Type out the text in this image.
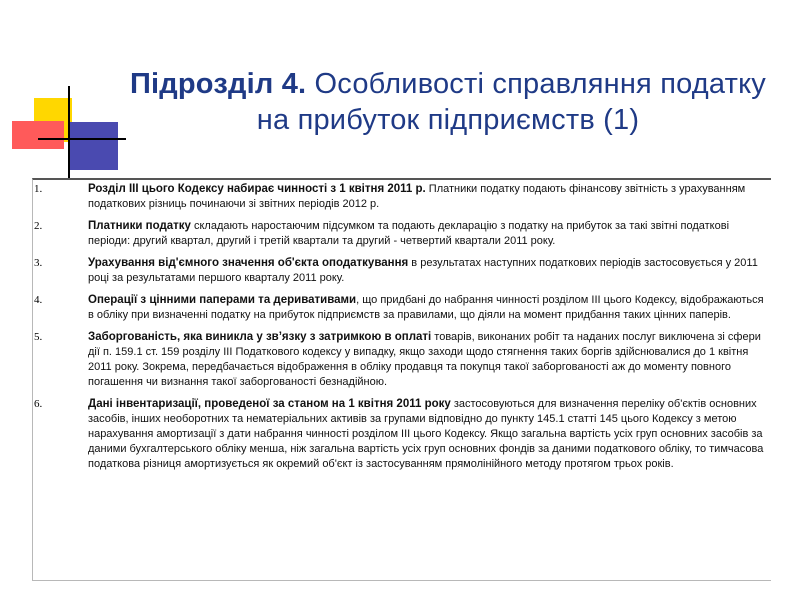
Підрозділ 4. Особливості справляння податку на прибуток підприємств (1)
1.	Розділ III цього Кодексу набирає чинності з 1 квітня 2011 р. Платники податку подають фінансову звітність з урахуванням податкових різниць починаючи зі звітних періодів 2012 р.
2.	Платники податку складають наростаючим підсумком та подають декларацію з податку на прибуток за такі звітні податкові періоди: другий квартал, другий і третій квартали та другий - четвертий квартали 2011 року.
3.	Урахування від'ємного значення об'єкта оподаткування в результатах наступних податкових періодів застосовується у 2011 році за результатами першого кварталу 2011 року.
4.	Операції з цінними паперами та деривативами, що придбані до набрання чинності розділом III цього Кодексу, відображаються в обліку при визначенні податку на прибуток підприємств за правилами, що діяли на момент придбання таких цінних паперів.
5.	Заборгованість, яка виникла у зв’язку з затримкою в оплаті товарів, виконаних робіт та наданих послуг виключена зі сфери дії п. 159.1 ст. 159 розділу III Податкового кодексу у випадку, якщо заходи щодо стягнення таких боргів здійснювалися до 1 квітня 2011 року. Зокрема, передбачається відображення в обліку продавця та покупця такої заборгованості аж до моменту повного погашення чи визнання такої заборгованості безнадійною.
6.	Дані інвентаризації, проведеної за станом на 1 квітня 2011 року застосовуються для визначення переліку об'єктів основних засобів, інших необоротних та нематеріальних активів за групами відповідно до пункту 145.1 статті 145 цього Кодексу з метою нарахування амортизації з дати набрання чинності розділом III цього Кодексу. Якщо загальна вартість усіх груп основних засобів за даними бухгалтерського обліку менша, ніж загальна вартість усіх груп основних фондів за даними податкового обліку, то тимчасова податкова різниця амортизується як окремий об'єкт із застосуванням прямолінійного методу протягом трьох років.
